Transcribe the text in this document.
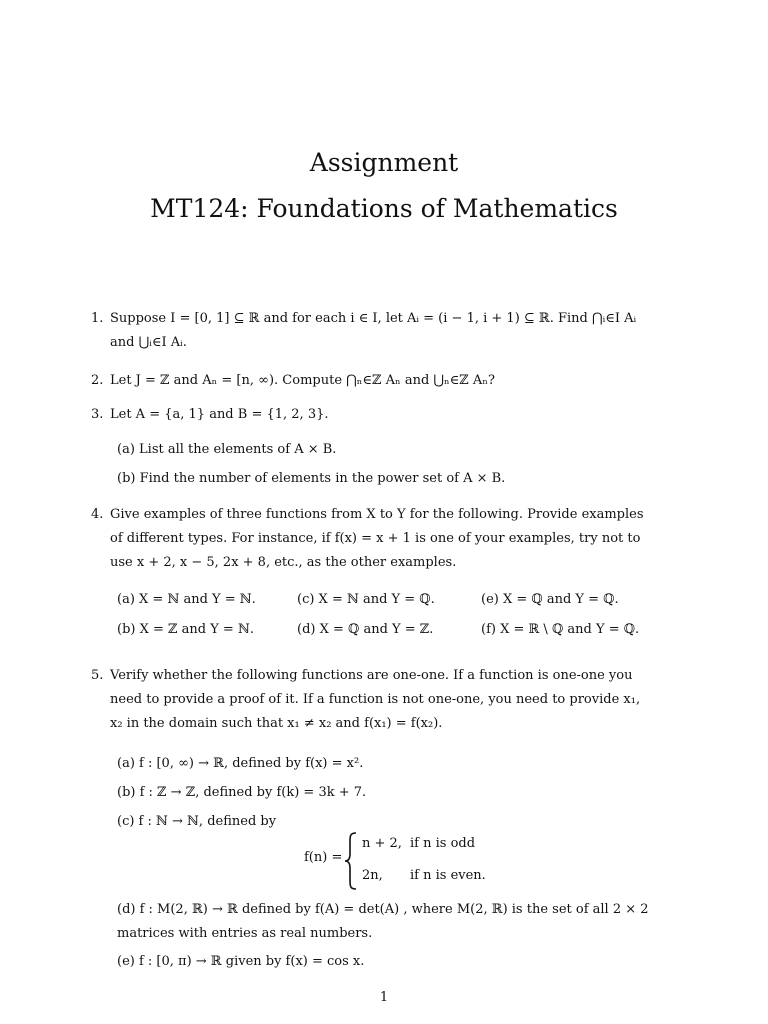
Assignment
MT124: Foundations of Mathematics
1. Suppose I = [0, 1] ⊆ ℝ and for each i ∈ I, let Aᵢ = (i − 1, i + 1) ⊆ ℝ. Find ⋂ᵢ∈I Aᵢ and ⋃ᵢ∈I Aᵢ.
2. Let J = ℤ and Aₙ = [n, ∞). Compute ⋂ₙ∈ℤ Aₙ and ⋃ₙ∈ℤ Aₙ?
3. Let A = {a, 1} and B = {1, 2, 3}.
(a) List all the elements of A × B.
(b) Find the number of elements in the power set of A × B.
4. Give examples of three functions from X to Y for the following. Provide examples of different types. For instance, if f(x) = x + 1 is one of your examples, try not to use x + 2, x − 5, 2x + 8, etc., as the other examples.
(a) X = ℕ and Y = ℕ.	(c) X = ℕ and Y = ℚ.	(e) X = ℚ and Y = ℚ.
(b) X = ℤ and Y = ℕ.	(d) X = ℚ and Y = ℤ.	(f) X = ℝ \ ℚ and Y = ℚ.
5. Verify whether the following functions are one-one. If a function is one-one you need to provide a proof of it. If a function is not one-one, you need to provide x₁, x₂ in the domain such that x₁ ≠ x₂ and f(x₁) = f(x₂).
(a) f : [0, ∞) → ℝ, defined by f(x) = x².
(b) f : ℤ → ℤ, defined by f(k) = 3k + 7.
(c) f : ℕ → ℕ, defined by
f(n) =
n + 2, if n is odd
2n, if n is even.
(d) f : M(2, ℝ) → ℝ defined by f(A) = det(A) , where M(2, ℝ) is the set of all 2 × 2 matrices with entries as real numbers.
(e) f : [0, π) → ℝ given by f(x) = cos x.
1
